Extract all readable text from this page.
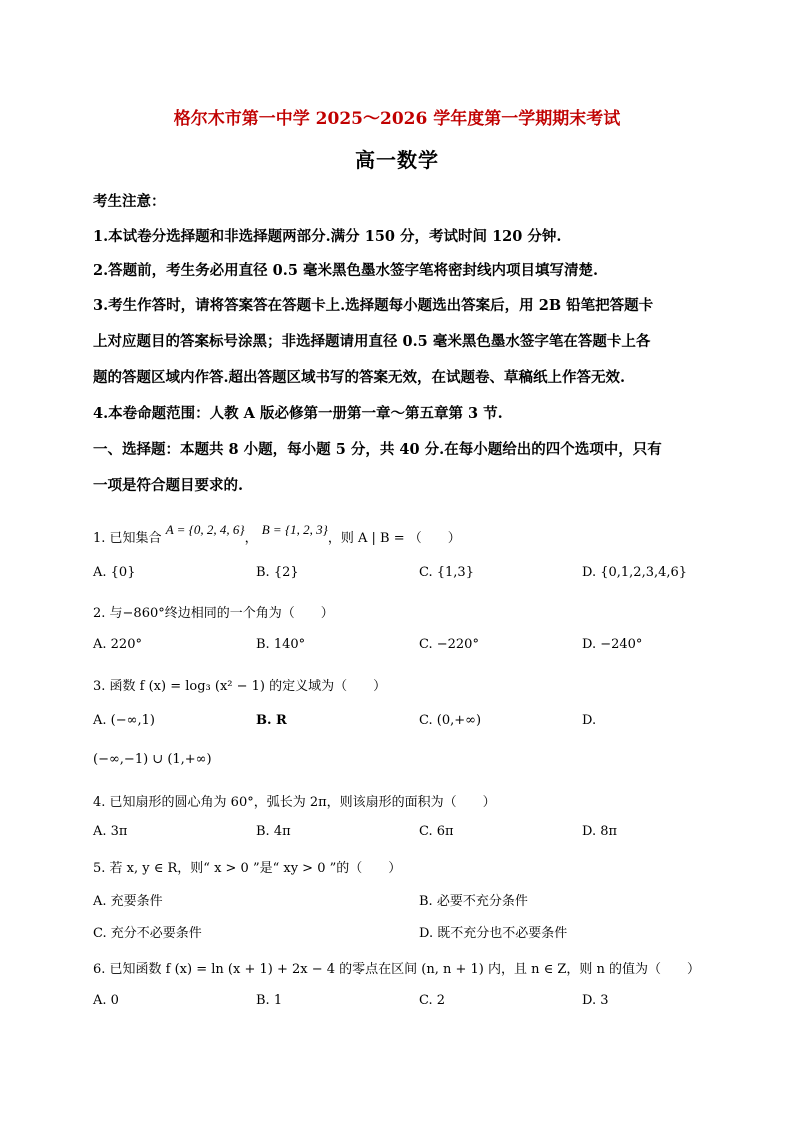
格尔木市第一中学 2025～2026 学年度第一学期期末考试
高一数学
考生注意：
1.本试卷分选择题和非选择题两部分.满分 150 分，考试时间 120 分钟.
2.答题前，考生务必用直径 0.5 毫米黑色墨水签字笔将密封线内项目填写清楚.
3.考生作答时，请将答案答在答题卡上.选择题每小题选出答案后，用 2B 铅笔把答题卡
上对应题目的答案标号涂黑；非选择题请用直径 0.5 毫米黑色墨水签字笔在答题卡上各
题的答题区域内作答.超出答题区域书写的答案无效，在试题卷、草稿纸上作答无效.
4.本卷命题范围：人教 A 版必修第一册第一章～第五章第 3 节.
一、选择题：本题共 8 小题，每小题 5 分，共 40 分.在每小题给出的四个选项中，只有
一项是符合题目要求的.
1. 已知集合 A = {0, 2, 4, 6}， B = {1, 2, 3}，则 A | B = （　　）
A. {0}	B. {2}	C. {1,3}	D. {0,1,2,3,4,6}
2. 与−860°终边相同的一个角为（　　）
A. 220°	B. 140°	C. −220°	D. −240°
3. 函数 f (x) = log₃ (x² − 1) 的定义域为（　　）
A. (−∞,1)	B. R	C. (0,+∞)	D.
(−∞,−1) ∪ (1,+∞)
4. 已知扇形的圆心角为 60°，弧长为 2π，则该扇形的面积为（　　）
A. 3π	B. 4π	C. 6π	D. 8π
5. 若 x, y ∈ R，则“ x > 0 ”是“ xy > 0 ”的（　　）
A. 充要条件	B. 必要不充分条件
C. 充分不必要条件	D. 既不充分也不必要条件
6. 已知函数 f (x) = ln (x + 1) + 2x − 4 的零点在区间 (n, n + 1) 内，且 n ∈ Z，则 n 的值为（　　）
A. 0	B. 1	C. 2	D. 3
